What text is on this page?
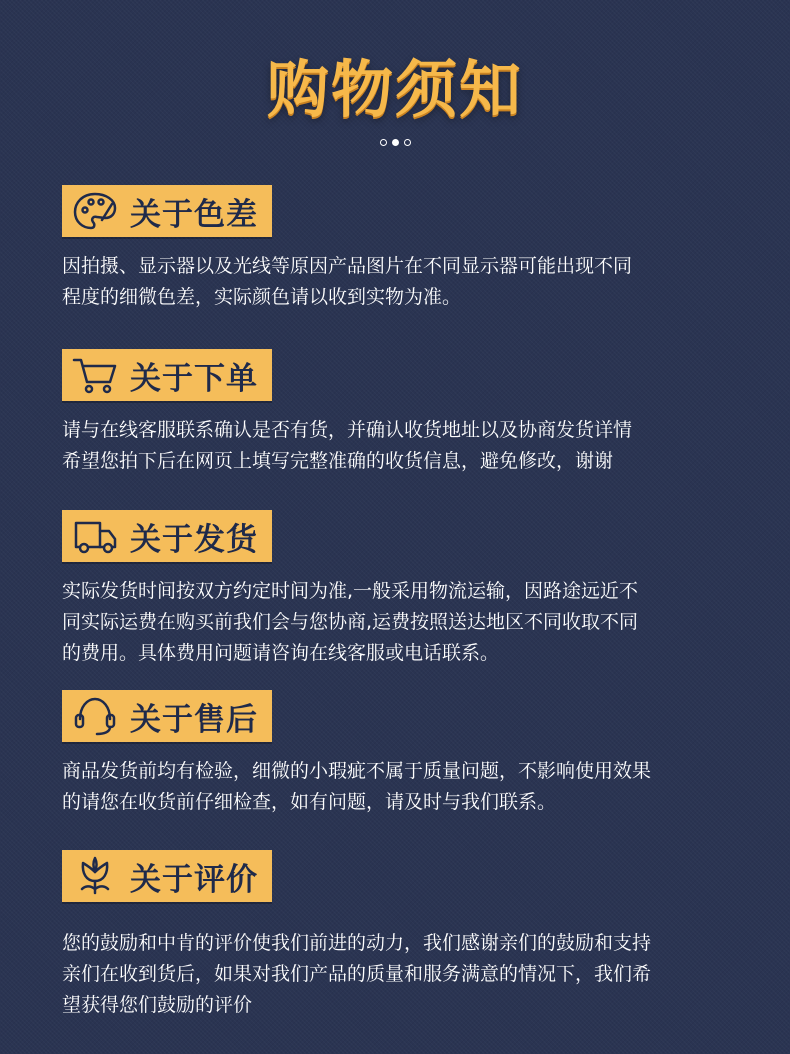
购物须知
关于色差
因拍摄、显示器以及光线等原因产品图片在不同显示器可能出现不同
程度的细微色差，实际颜色请以收到实物为准。
关于下单
请与在线客服联系确认是否有货，并确认收货地址以及协商发货详情
希望您拍下后在网页上填写完整准确的收货信息，避免修改，谢谢
关于发货
实际发货时间按双方约定时间为准,一般采用物流运输，因路途远近不
同实际运费在购买前我们会与您协商,运费按照送达地区不同收取不同
的费用。具体费用问题请咨询在线客服或电话联系。
关于售后
商品发货前均有检验，细微的小瑕疵不属于质量问题，不影响使用效果
的请您在收货前仔细检查，如有问题，请及时与我们联系。
关于评价
您的鼓励和中肯的评价使我们前进的动力，我们感谢亲们的鼓励和支持
亲们在收到货后，如果对我们产品的质量和服务满意的情况下，我们希
望获得您们鼓励的评价
